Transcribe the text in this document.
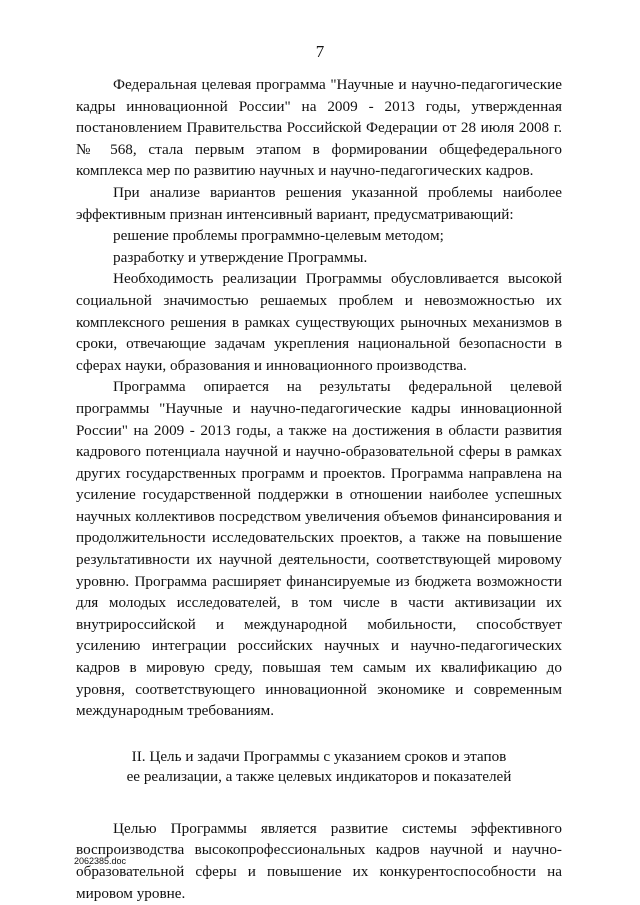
7

Федеральная целевая программа "Научные и научно-педагогические кадры инновационной России" на 2009 - 2013 годы, утвержденная постановлением Правительства Российской Федерации от 28 июля 2008 г. № 568, стала первым этапом в формировании общефедерального комплекса мер по развитию научных и научно-педагогических кадров.

При анализе вариантов решения указанной проблемы наиболее эффективным признан интенсивный вариант, предусматривающий:

решение проблемы программно-целевым методом;

разработку и утверждение Программы.

Необходимость реализации Программы обусловливается высокой социальной значимостью решаемых проблем и невозможностью их комплексного решения в рамках существующих рыночных механизмов в сроки, отвечающие задачам укрепления национальной безопасности в сферах науки, образования и инновационного производства.

Программа опирается на результаты федеральной целевой программы "Научные и научно-педагогические кадры инновационной России" на 2009 - 2013 годы, а также на достижения в области развития кадрового потенциала научной и научно-образовательной сферы в рамках других государственных программ и проектов. Программа направлена на усиление государственной поддержки в отношении наиболее успешных научных коллективов посредством увеличения объемов финансирования и продолжительности исследовательских проектов, а также на повышение результативности их научной деятельности, соответствующей мировому уровню. Программа расширяет финансируемые из бюджета возможности для молодых исследователей, в том числе в части активизации их внутрироссийской и международной мобильности, способствует усилению интеграции российских научных и научно-педагогических кадров в мировую среду, повышая тем самым их квалификацию до уровня, соответствующего инновационной экономике и современным международным требованиям.

II. Цель и задачи Программы с указанием сроков и этапов
ее реализации, а также целевых индикаторов и показателей

Целью Программы является развитие системы эффективного воспроизводства высокопрофессиональных кадров научной и научно-образовательной сферы и повышение их конкурентоспособности на мировом уровне.

2062385.doc
